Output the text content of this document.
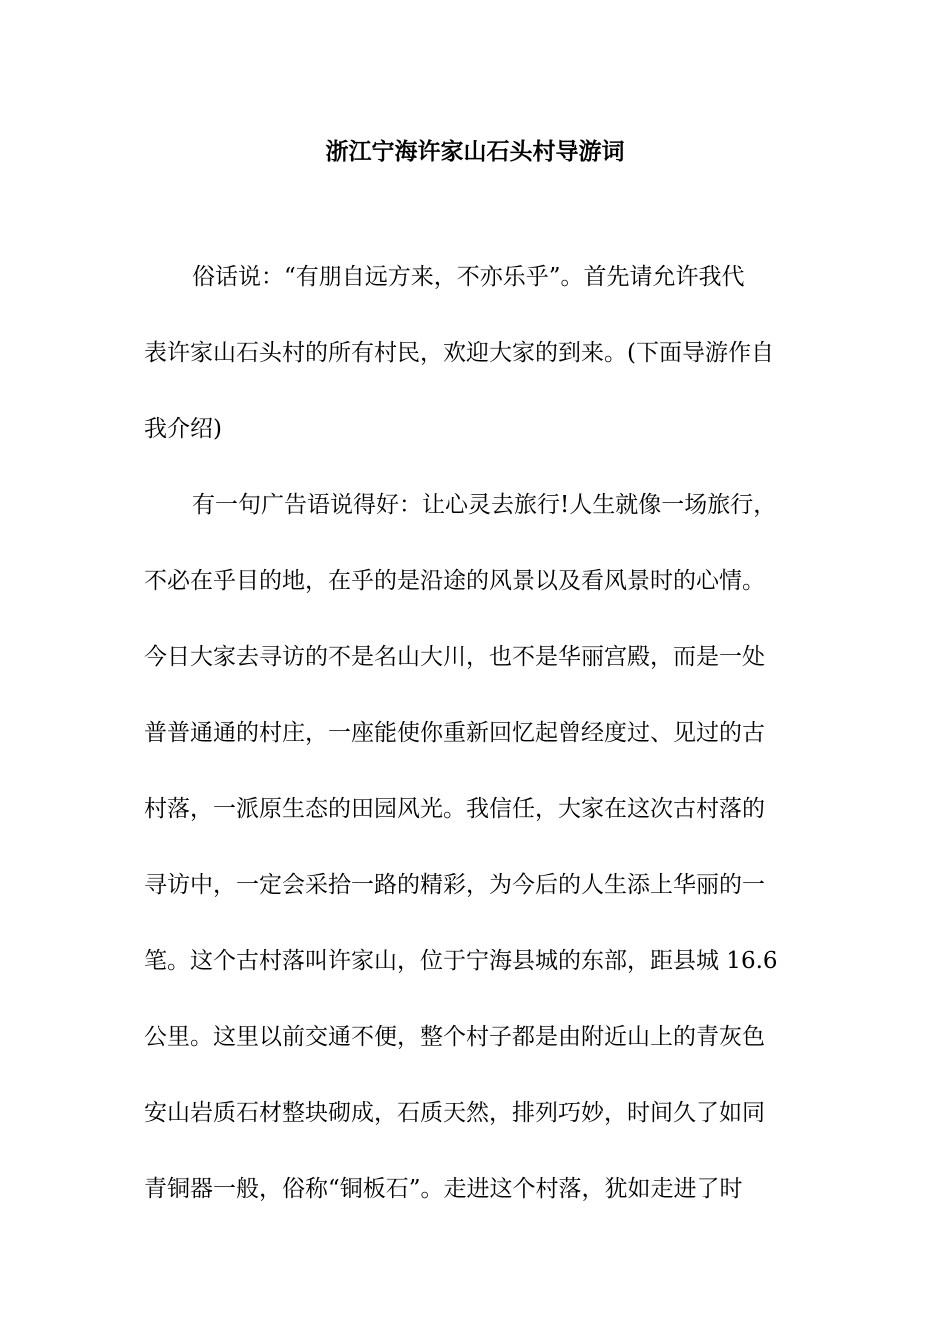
浙江宁海许家山石头村导游词
俗话说：“有朋自远方来，不亦乐乎”。首先请允许我代
表许家山石头村的所有村民，欢迎大家的到来。(下面导游作自
我介绍)
有一句广告语说得好：让心灵去旅行!人生就像一场旅行，
不必在乎目的地，在乎的是沿途的风景以及看风景时的心情。
今日大家去寻访的不是名山大川，也不是华丽宫殿，而是一处
普普通通的村庄，一座能使你重新回忆起曾经度过、见过的古
村落，一派原生态的田园风光。我信任，大家在这次古村落的
寻访中，一定会采拾一路的精彩，为今后的人生添上华丽的一
笔。这个古村落叫许家山，位于宁海县城的东部，距县城 16.6
公里。这里以前交通不便，整个村子都是由附近山上的青灰色
安山岩质石材整块砌成，石质天然，排列巧妙，时间久了如同
青铜器一般，俗称“铜板石”。走进这个村落，犹如走进了时
